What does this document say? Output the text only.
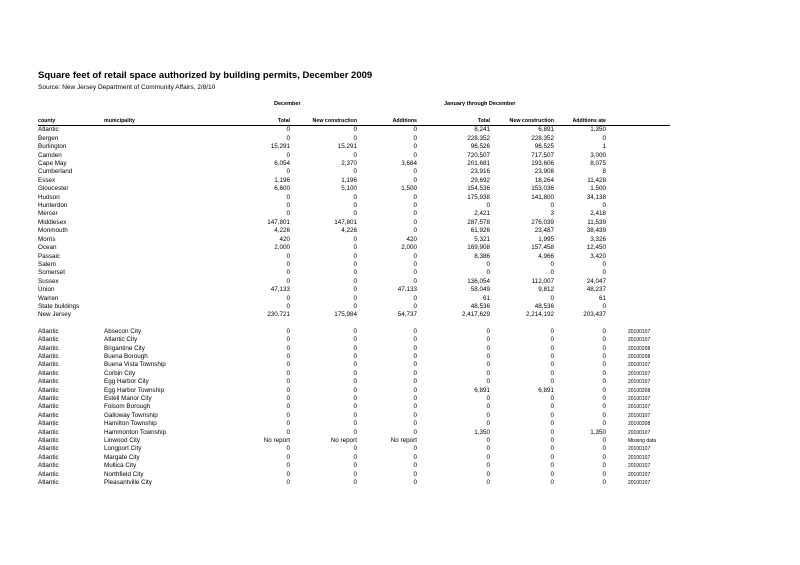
Square feet of retail space authorized by building permits, December 2009
Source: New Jersey Department of Community Affairs, 2/8/10
December	January through December
county	municipality	Total	New construction	Additions	Total	New construction	Additions ate	
Atlantic		0	0	0	8,241	6,891	1,350	
Bergen		0	0	0	228,352	228,352	0	
Burlington		15,291	15,291	0	96,526	96,525	1	
Camden		0	0	0	720,507	717,507	3,000	
Cape May		6,054	2,370	3,684	201,681	193,606	8,075	
Cumberland		0	0	0	23,916	23,908	8	
Essex		1,196	1,196	0	29,692	18,264	11,428	
Gloucester		6,600	5,100	1,500	154,536	153,036	1,500	
Hudson		0	0	0	175,938	141,800	34,138	
Hunterdon		0	0	0	0	0	0	
Mercer		0	0	0	2,421	3	2,418	
Middlesex		147,801	147,801	0	287,578	276,039	11,539	
Monmouth		4,226	4,226	0	61,926	23,487	38,439	
Morris		420	0	420	5,321	1,995	3,326	
Ocean		2,000	0	2,000	169,908	157,458	12,450	
Passaic		0	0	0	8,386	4,966	3,420	
Salem		0	0	0	0	0	0	
Somerset		0	0	0	0	0	0	
Sussex		0	0	0	136,054	112,007	24,047	
Union		47,133	0	47,133	58,049	9,812	48,237	
Warren		0	0	0	61	0	61	
State buildings		0	0	0	48,536	48,536	0	
New Jersey		230,721	175,984	54,737	2,417,629	2,214,192	203,437	

Atlantic	Absecon City	0	0	0	0	0	0	20100107
Atlantic	Atlantic City	0	0	0	0	0	0	20100107
Atlantic	Brigantine City	0	0	0	0	0	0	20100208
Atlantic	Buena Borough	0	0	0	0	0	0	20100208
Atlantic	Buena Vista Township	0	0	0	0	0	0	20100107
Atlantic	Corbin City	0	0	0	0	0	0	20100107
Atlantic	Egg Harbor City	0	0	0	0	0	0	20100107
Atlantic	Egg Harbor Township	0	0	0	6,891	6,891	0	20100208
Atlantic	Estell Manor City	0	0	0	0	0	0	20100107
Atlantic	Folsom Borough	0	0	0	0	0	0	20100107
Atlantic	Galloway Township	0	0	0	0	0	0	20100107
Atlantic	Hamilton Township	0	0	0	0	0	0	20100208
Atlantic	Hammonton Township	0	0	0	1,350	0	1,350	20100107
Atlantic	Linwood City	No report	No report	No report	0	0	0	Missing data
Atlantic	Longport City	0	0	0	0	0	0	20100107
Atlantic	Margate City	0	0	0	0	0	0	20100107
Atlantic	Mullica City	0	0	0	0	0	0	20100107
Atlantic	Northfield City	0	0	0	0	0	0	20100107
Atlantic	Pleasantville City	0	0	0	0	0	0	20100107
